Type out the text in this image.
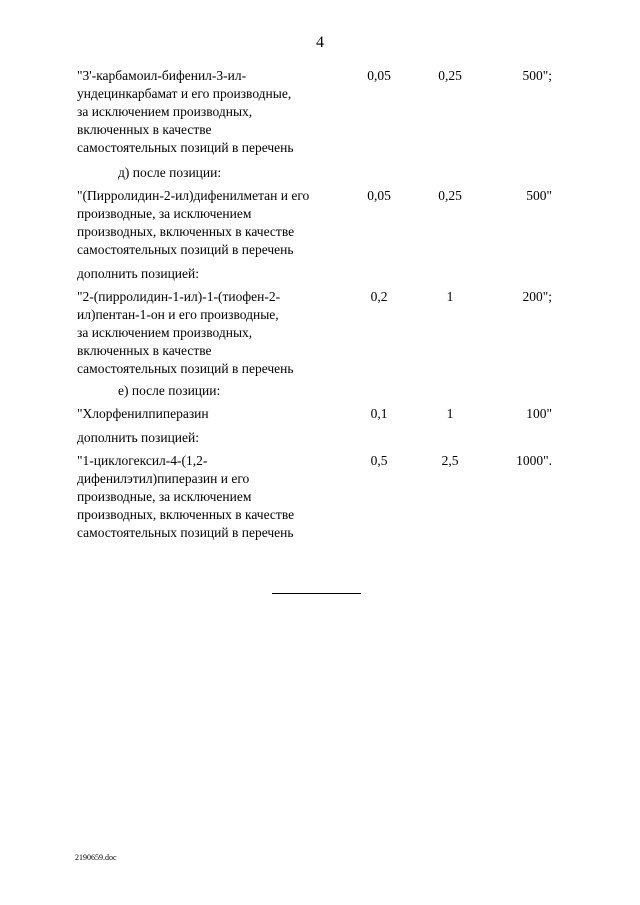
4
"3'-карбамоил-бифенил-3-ил-
ундецинкарбамат и его производные,
за исключением производных,
включенных в качестве
самостоятельных позиций в перечень
0,05	0,25	500";
д) после позиции:
"(Пирролидин-2-ил)дифенилметан и его
производные, за исключением
производных, включенных в качестве
самостоятельных позиций в перечень
0,05	0,25	500"
дополнить позицией:
"2-(пирролидин-1-ил)-1-(тиофен-2-
ил)пентан-1-он и его производные,
за исключением производных,
включенных в качестве
самостоятельных позиций в перечень
0,2	1	200";
е) после позиции:
"Хлорфенилпиперазин	0,1	1	100"
дополнить позицией:
"1-циклогексил-4-(1,2-
дифенилэтил)пиперазин и его
производные, за исключением
производных, включенных в качестве
самостоятельных позиций в перечень
0,5	2,5	1000".
2190659.doc
